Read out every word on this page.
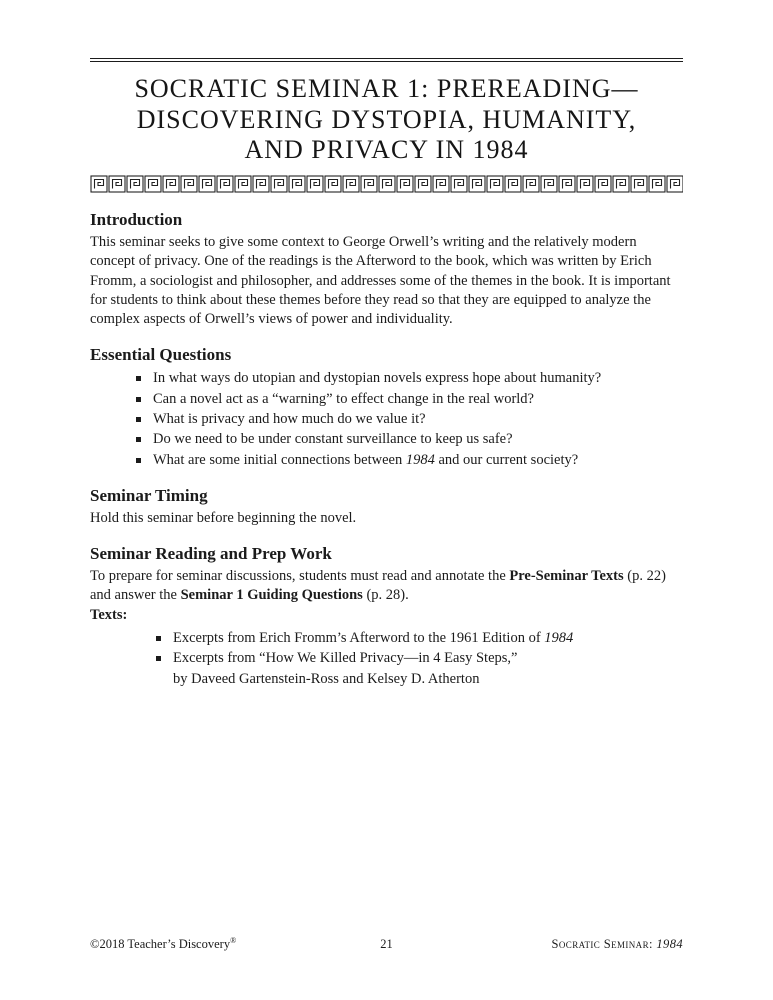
SOCRATIC SEMINAR 1: PREREADING—
DISCOVERING DYSTOPIA, HUMANITY,
AND PRIVACY IN 1984
Introduction

This seminar seeks to give some context to George Orwell’s writing and the relatively modern concept of privacy. One of the readings is the Afterword to the book, which was written by Erich Fromm, a sociologist and philosopher, and addresses some of the themes in the book. It is important for students to think about these themes before they read so that they are equipped to analyze the complex aspects of Orwell’s views of power and individuality.

Essential Questions
In what ways do utopian and dystopian novels express hope about humanity?
Can a novel act as a “warning” to effect change in the real world?
What is privacy and how much do we value it?
Do we need to be under constant surveillance to keep us safe?
What are some initial connections between 1984 and our current society?
Seminar Timing

Hold this seminar before beginning the novel.

Seminar Reading and Prep Work

To prepare for seminar discussions, students must read and annotate the Pre-Seminar Texts (p. 22) and answer the Seminar 1 Guiding Questions (p. 28).

Texts:

Excerpts from Erich Fromm’s Afterword to the 1961 Edition of 1984
Excerpts from “How We Killed Privacy—in 4 Easy Steps,”
by Daveed Gartenstein-Ross and Kelsey D. Atherton
©2018 Teacher’s Discovery®	21	Socratic Seminar: 1984
